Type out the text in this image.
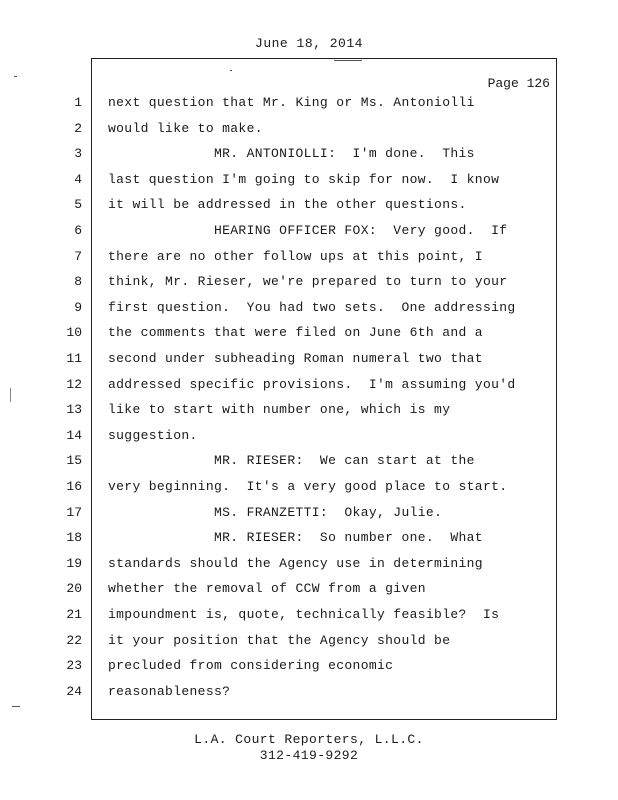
June 18, 2014
Page 126
1 next question that Mr. King or Ms. Antoniolli
2 would like to make.
3 MR. ANTONIOLLI:  I'm done.  This
4 last question I'm going to skip for now.  I know
5 it will be addressed in the other questions.
6 HEARING OFFICER FOX:  Very good.  If
7 there are no other follow ups at this point, I
8 think, Mr. Rieser, we're prepared to turn to your
9 first question.  You had two sets.  One addressing
10 the comments that were filed on June 6th and a
11 second under subheading Roman numeral two that
12 addressed specific provisions.  I'm assuming you'd
13 like to start with number one, which is my
14 suggestion.
15 MR. RIESER:  We can start at the
16 very beginning.  It's a very good place to start.
17 MS. FRANZETTI:  Okay, Julie.
18 MR. RIESER:  So number one.  What
19 standards should the Agency use in determining
20 whether the removal of CCW from a given
21 impoundment is, quote, technically feasible?  Is
22 it your position that the Agency should be
23 precluded from considering economic
24 reasonableness?
L.A. Court Reporters, L.L.C.
312-419-9292
